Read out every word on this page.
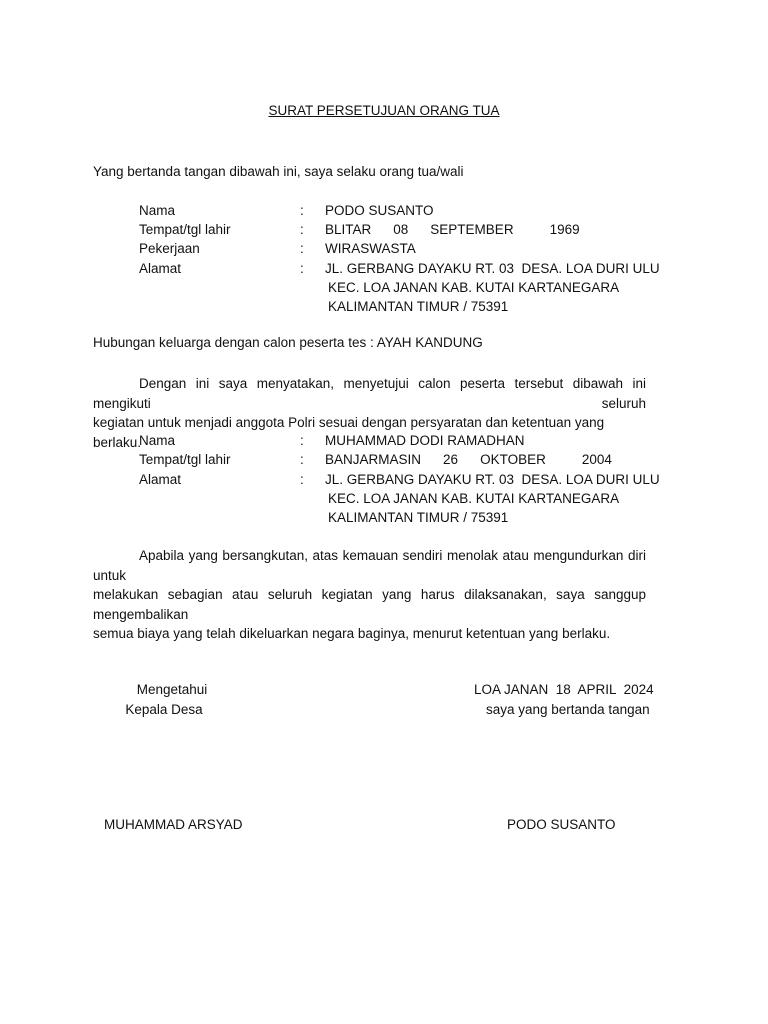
SURAT PERSETUJUAN ORANG TUA
Yang bertanda tangan dibawah ini, saya selaku orang tua/wali
Nama	: PODO SUSANTO
Tempat/tgl lahir	: BLITAR 08 SEPTEMBER	1969
Pekerjaan	: WIRASWASTA
Alamat	: JL. GERBANG DAYAKU RT. 03  DESA. LOA DURI ULU
KEC. LOA JANAN KAB. KUTAI KARTANEGARA
KALIMANTAN TIMUR / 75391
Hubungan keluarga dengan calon peserta tes : AYAH KANDUNG
Dengan ini saya menyatakan, menyetujui calon peserta tersebut dibawah ini mengikuti seluruh
kegiatan untuk menjadi anggota Polri sesuai dengan persyaratan dan ketentuan yang berlaku.
Nama	: MUHAMMAD DODI RAMADHAN
Tempat/tgl lahir	: BANJARMASIN 26 OKTOBER	2004
Alamat	: JL. GERBANG DAYAKU RT. 03  DESA. LOA DURI ULU
KEC. LOA JANAN KAB. KUTAI KARTANEGARA
KALIMANTAN TIMUR / 75391
Apabila yang bersangkutan, atas kemauan sendiri menolak atau mengundurkan diri untuk
melakukan sebagian atau seluruh kegiatan yang harus dilaksanakan, saya sanggup mengembalikan
semua biaya yang telah dikeluarkan negara baginya, menurut ketentuan yang berlaku.
Mengetahui
Kepala Desa
LOA JANAN  18  APRIL  2024
saya yang bertanda tangan
MUHAMMAD ARSYAD	PODO SUSANTO
